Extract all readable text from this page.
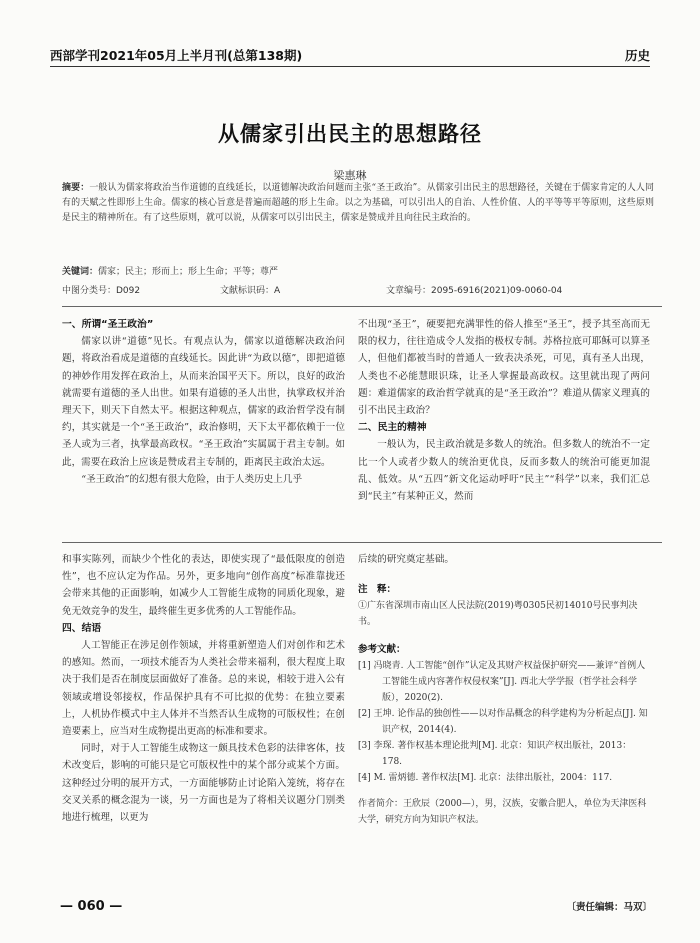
西部学刊2021年05月上半月刊(总第138期)	历史
从儒家引出民主的思想路径
梁惠琳
摘要：一般认为儒家将政治当作道德的直线延长，以道德解决政治问题而主张“圣王政治”。从儒家引出民主的思想路径，关键在于儒家肯定的人人同有的天赋之性即形上生命。儒家的核心旨意是普遍而超越的形上生命。以之为基础，可以引出人的自治、人性价值、人的平等等平等原则，这些原则是民主的精神所在。有了这些原则，就可以说，从儒家可以引出民主，儒家是赞成并且向往民主政治的。
关键词：儒家；民主；形而上；形上生命；平等；尊严
中图分类号：D092	文献标识码：A	文章编号：2095-6916(2021)09-0060-04
一、所谓“圣王政治”

儒家以讲“道德”见长。有观点认为，儒家以道德解决政治问题，将政治看成是道德的直线延长。因此讲“为政以德”，即把道德的神妙作用发挥在政治上，从而来治国平天下。所以，良好的政治就需要有道德的圣人出世。如果有道德的圣人出世，执掌政权并治理天下，则天下自然太平。根据这种观点，儒家的政治哲学没有制约，其实就是一个“圣王政治”，政治修明，天下太平都依赖于一位圣人或为三者，执掌最高政权。“圣王政治”实属属于君主专制。如此，需要在政治上应该是赞成君主专制的，距离民主政治太远。

“圣王政治”的幻想有很大危险，由于人类历史上几乎

不出现“圣王”，硬要把充满罪性的俗人推至“圣王”，授予其至高而无限的权力，往往造成令人发指的极权专制。苏格拉底可耶稣可以算圣人，但他们都被当时的普通人一致表决杀死，可见，真有圣人出现，人类也不必能慧眼识珠，让圣人掌握最高政权。这里就出现了两问题：难道儒家的政治哲学就真的是“圣王政治”？难道从儒家义理真的引不出民主政治？

二、民主的精神

一般认为，民主政治就是多数人的统治。但多数人的统治不一定比一个人或者少数人的统治更优良，反而多数人的统治可能更加混乱、低效。从“五四”新文化运动呼吁“民主”“科学”以来，我们汇总到“民主”有某种正义，然而

和事实陈列，而缺少个性化的表达，即使实现了“最低限度的创造性”，也不应认定为作品。另外，更多地向“创作高度”标准靠拢还会带来其他的正面影响，如减少人工智能生成物的同质化现象，避免无效竞争的发生，最终催生更多优秀的人工智能作品。

四、结语

人工智能正在涉足创作领域，并将重新塑造人们对创作和艺术的感知。然而，一项技术能否为人类社会带来福利，很大程度上取决于我们是否在制度层面做好了准备。总的来说，相较于进入公有领域或增设邻接权，作品保护具有不可比拟的优势：在独立要素上，人机协作模式中主人体并不当然否认生成物的可版权性；在创造要素上，应当对生成物提出更高的标准和要求。

同时，对于人工智能生成物这一颇具技术色彩的法律客体，技术改变后，影响的可能只是它可版权性中的某个部分或某个方面。这种经过分明的展开方式，一方面能够防止讨论陷入笼统，将存在交叉关系的概念混为一谈，另一方面也是为了将相关议题分门别类地进行梳理，以更为

后续的研究奠定基础。
注　释：
①广东省深圳市南山区人民法院(2019)粤0305民初14010号民事判决书。
参考文献：
[1] 冯晓青. 人工智能“创作”认定及其财产权益保护研究——兼评“首例人工智能生成内容著作权侵权案”[J]. 西北大学学报（哲学社会科学版），2020(2).
[2] 王坤. 论作品的独创性——以对作品概念的科学建构为分析起点[J]. 知识产权，2014(4).
[3] 李琛. 著作权基本理论批判[M]. 北京：知识产权出版社，2013：178.
[4] M. 雷炳德. 著作权法[M]. 北京：法律出版社，2004：117.
作者简介：王欣辰（2000—），男，汉族，安徽合肥人，单位为天津医科大学，研究方向为知识产权法。
— 060 —	〔责任编辑：马双〕
